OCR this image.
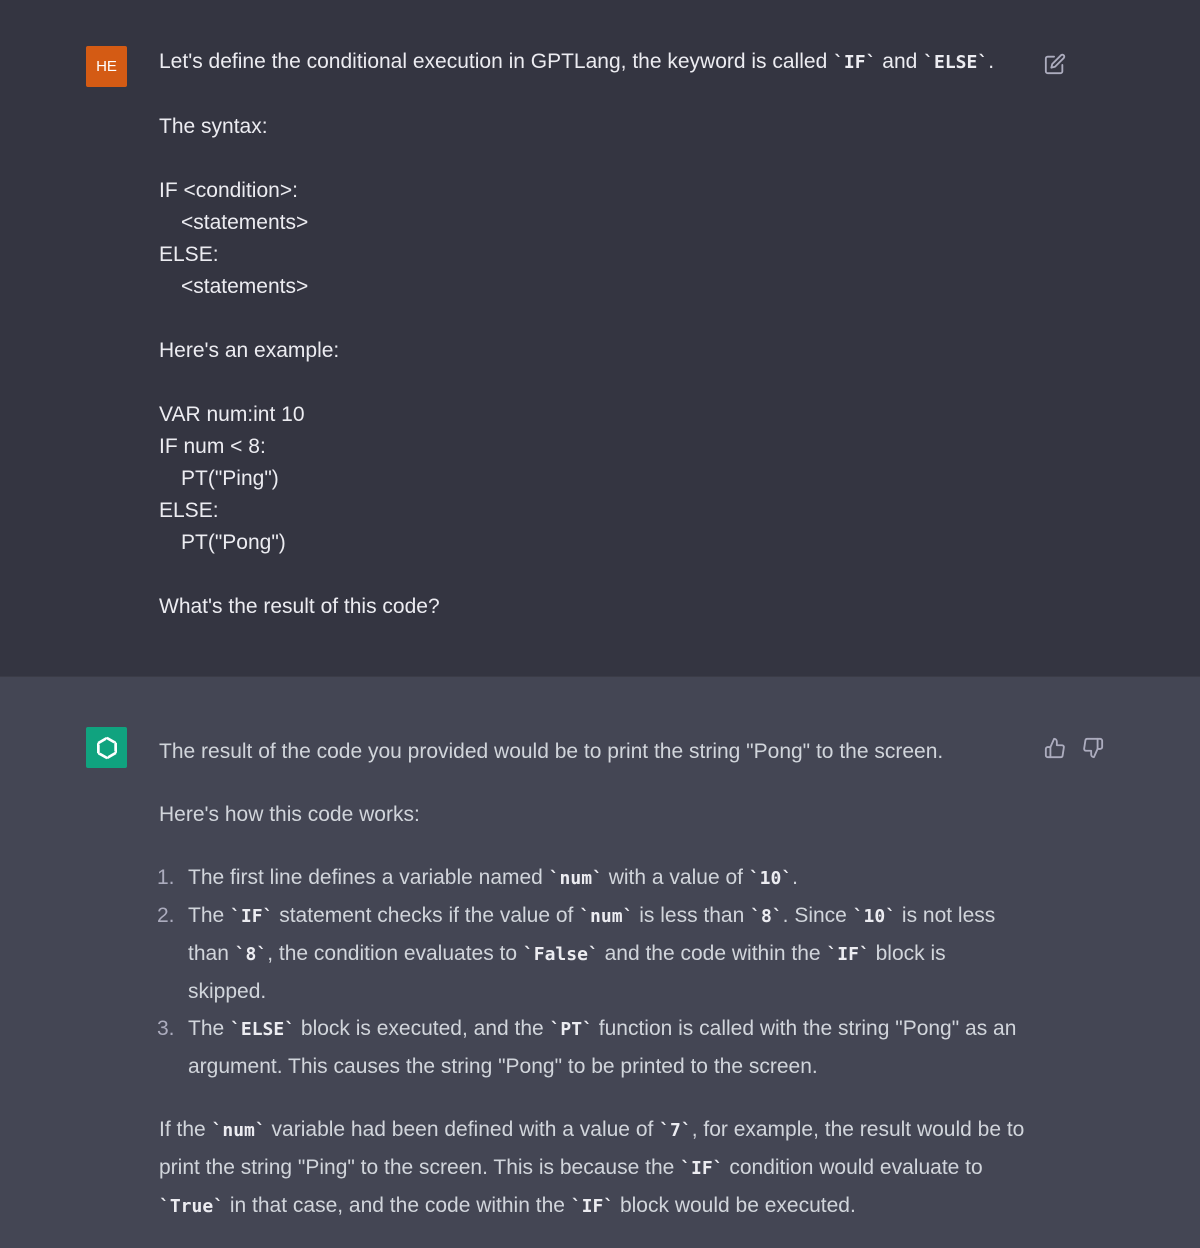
HE Let's define the conditional execution in GPTLang, the keyword is called `IF` and `ELSE`.
The syntax:
IF <condition>:
<statements>
ELSE:
<statements>
Here's an example:
VAR num:int 10
IF num < 8:
PT("Ping")
ELSE:
PT("Pong")
What's the result of this code?
The result of the code you provided would be to print the string "Pong" to the screen.
Here's how this code works:
1. The first line defines a variable named `num` with a value of `10`.
2. The `IF` statement checks if the value of `num` is less than `8`. Since `10` is not less than `8`, the condition evaluates to `False` and the code within the `IF` block is skipped.
3. The `ELSE` block is executed, and the `PT` function is called with the string "Pong" as an argument. This causes the string "Pong" to be printed to the screen.
If the `num` variable had been defined with a value of `7`, for example, the result would be to print the string "Ping" to the screen. This is because the `IF` condition would evaluate to `True` in that case, and the code within the `IF` block would be executed.
